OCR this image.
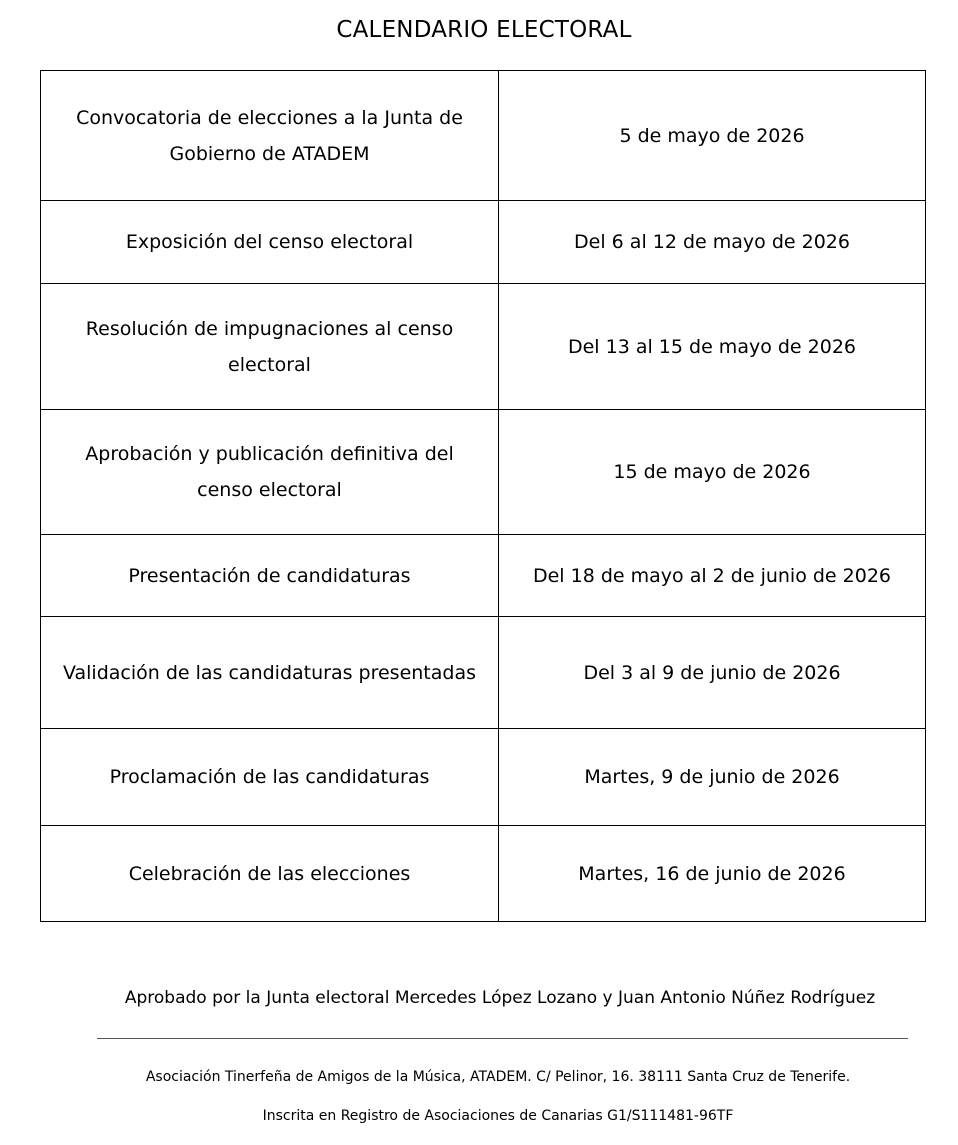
CALENDARIO ELECTORAL
Convocatoria de elecciones a la Junta de Gobierno de ATADEM	5 de mayo de 2026
Exposición del censo electoral	Del 6 al 12 de mayo de 2026
Resolución de impugnaciones al censo electoral	Del 13 al 15 de mayo de 2026
Aprobación y publicación definitiva del censo electoral	15 de mayo de 2026
Presentación de candidaturas	Del 18 de mayo al 2 de junio de 2026
Validación de las candidaturas presentadas	Del 3 al 9 de junio de 2026
Proclamación de las candidaturas	Martes, 9 de junio de 2026
Celebración de las elecciones	Martes, 16 de junio de 2026
Aprobado por la Junta electoral Mercedes López Lozano y Juan Antonio Núñez Rodríguez
Asociación Tinerfeña de Amigos de la Música, ATADEM. C/ Pelinor, 16. 38111 Santa Cruz de Tenerife.
Inscrita en Registro de Asociaciones de Canarias G1/S111481-96TF
